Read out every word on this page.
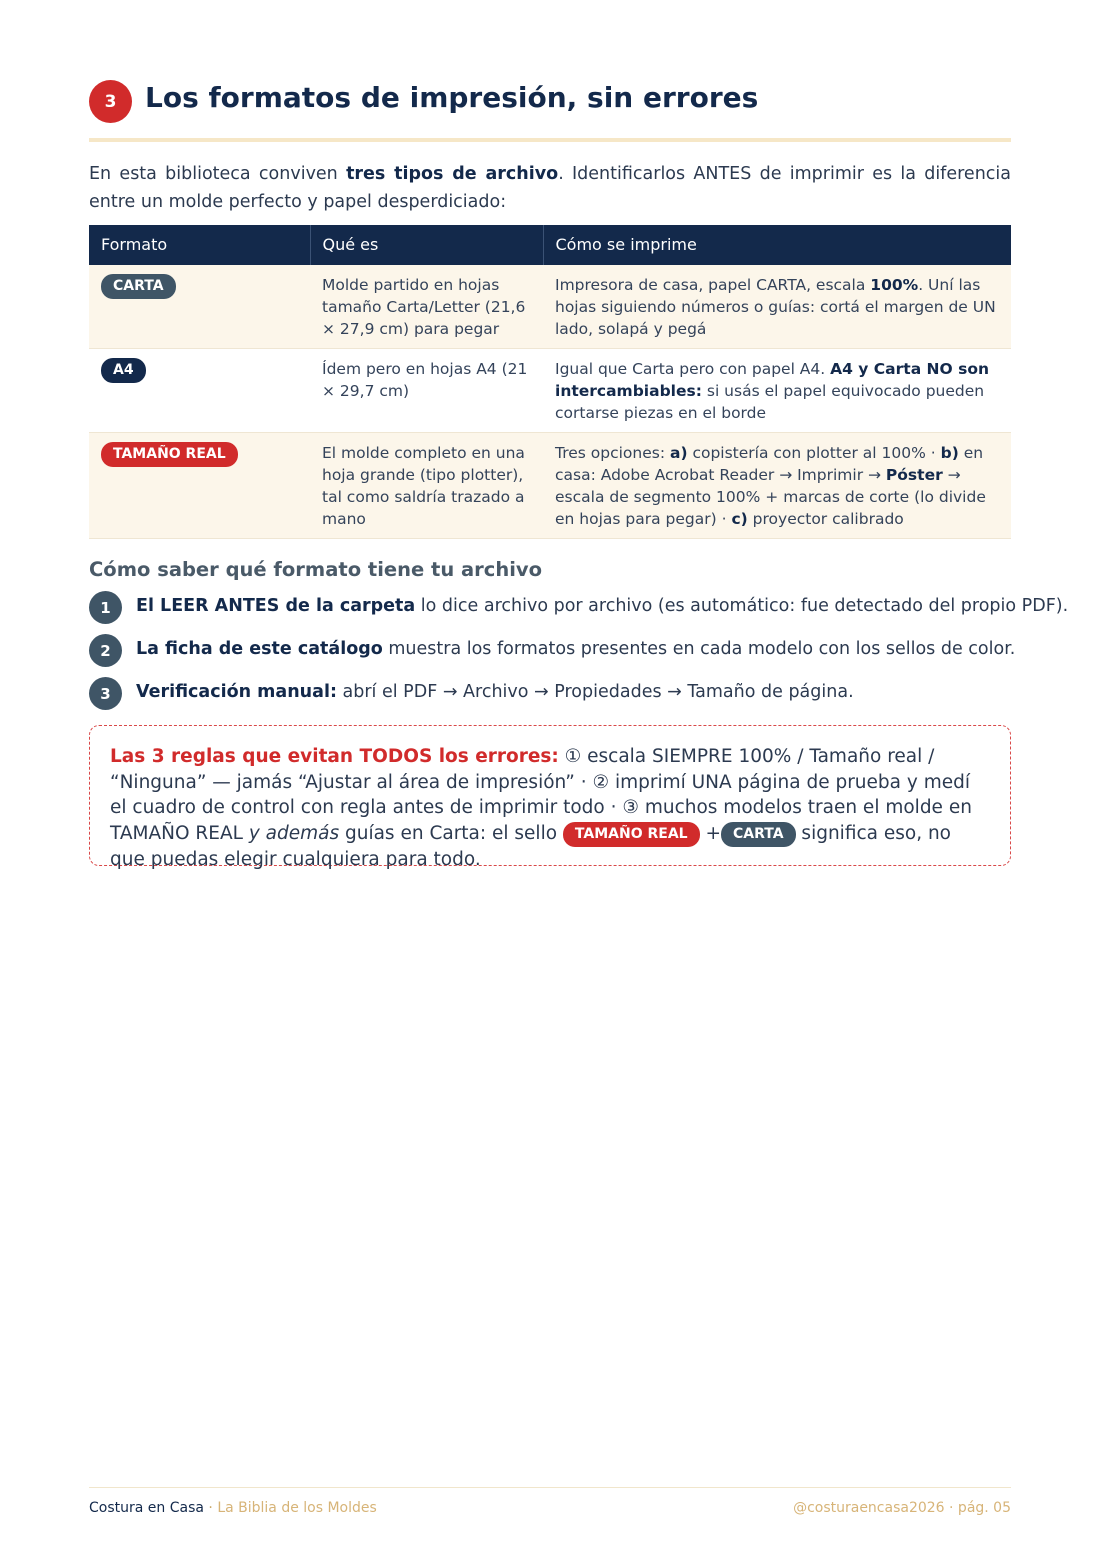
3	Los formatos de impresión, sin errores

En esta biblioteca conviven tres tipos de archivo. Identificarlos ANTES de imprimir es la diferencia entre un molde perfecto y papel desperdiciado:

Formato	Qué es	Cómo se imprime
CARTA	Molde partido en hojas tamaño Carta/Letter (21,6 × 27,9 cm) para pegar	Impresora de casa, papel CARTA, escala 100%. Uní las hojas siguiendo números o guías: cortá el margen de UN lado, solapá y pegá
A4	Ídem pero en hojas A4 (21 × 29,7 cm)	Igual que Carta pero con papel A4. A4 y Carta NO son intercambiables: si usás el papel equivocado pueden cortarse piezas en el borde
TAMAÑO REAL	El molde completo en una hoja grande (tipo plotter), tal como saldría trazado a mano	Tres opciones: a) copistería con plotter al 100% · b) en casa: Adobe Acrobat Reader → Imprimir → Póster → escala de segmento 100% + marcas de corte (lo divide en hojas para pegar) · c) proyector calibrado
Cómo saber qué formato tiene tu archivo
1	El LEER ANTES de la carpeta lo dice archivo por archivo (es automático: fue detectado del propio PDF).
2	La ficha de este catálogo muestra los formatos presentes en cada modelo con los sellos de color.
3	Verificación manual: abrí el PDF → Archivo → Propiedades → Tamaño de página.
Las 3 reglas que evitan TODOS los errores: ① escala SIEMPRE 100% / Tamaño real / “Ninguna” — jamás “Ajustar al área de impresión” · ② imprimí UNA página de prueba y medí el cuadro de control con regla antes de imprimir todo · ③ muchos modelos traen el molde en TAMAÑO REAL y además guías en Carta: el sello TAMAÑO REAL + CARTA significa eso, no que puedas elegir cualquiera para todo.
Costura en Casa · La Biblia de los Moldes	@costuraencasa2026 · pág. 05
